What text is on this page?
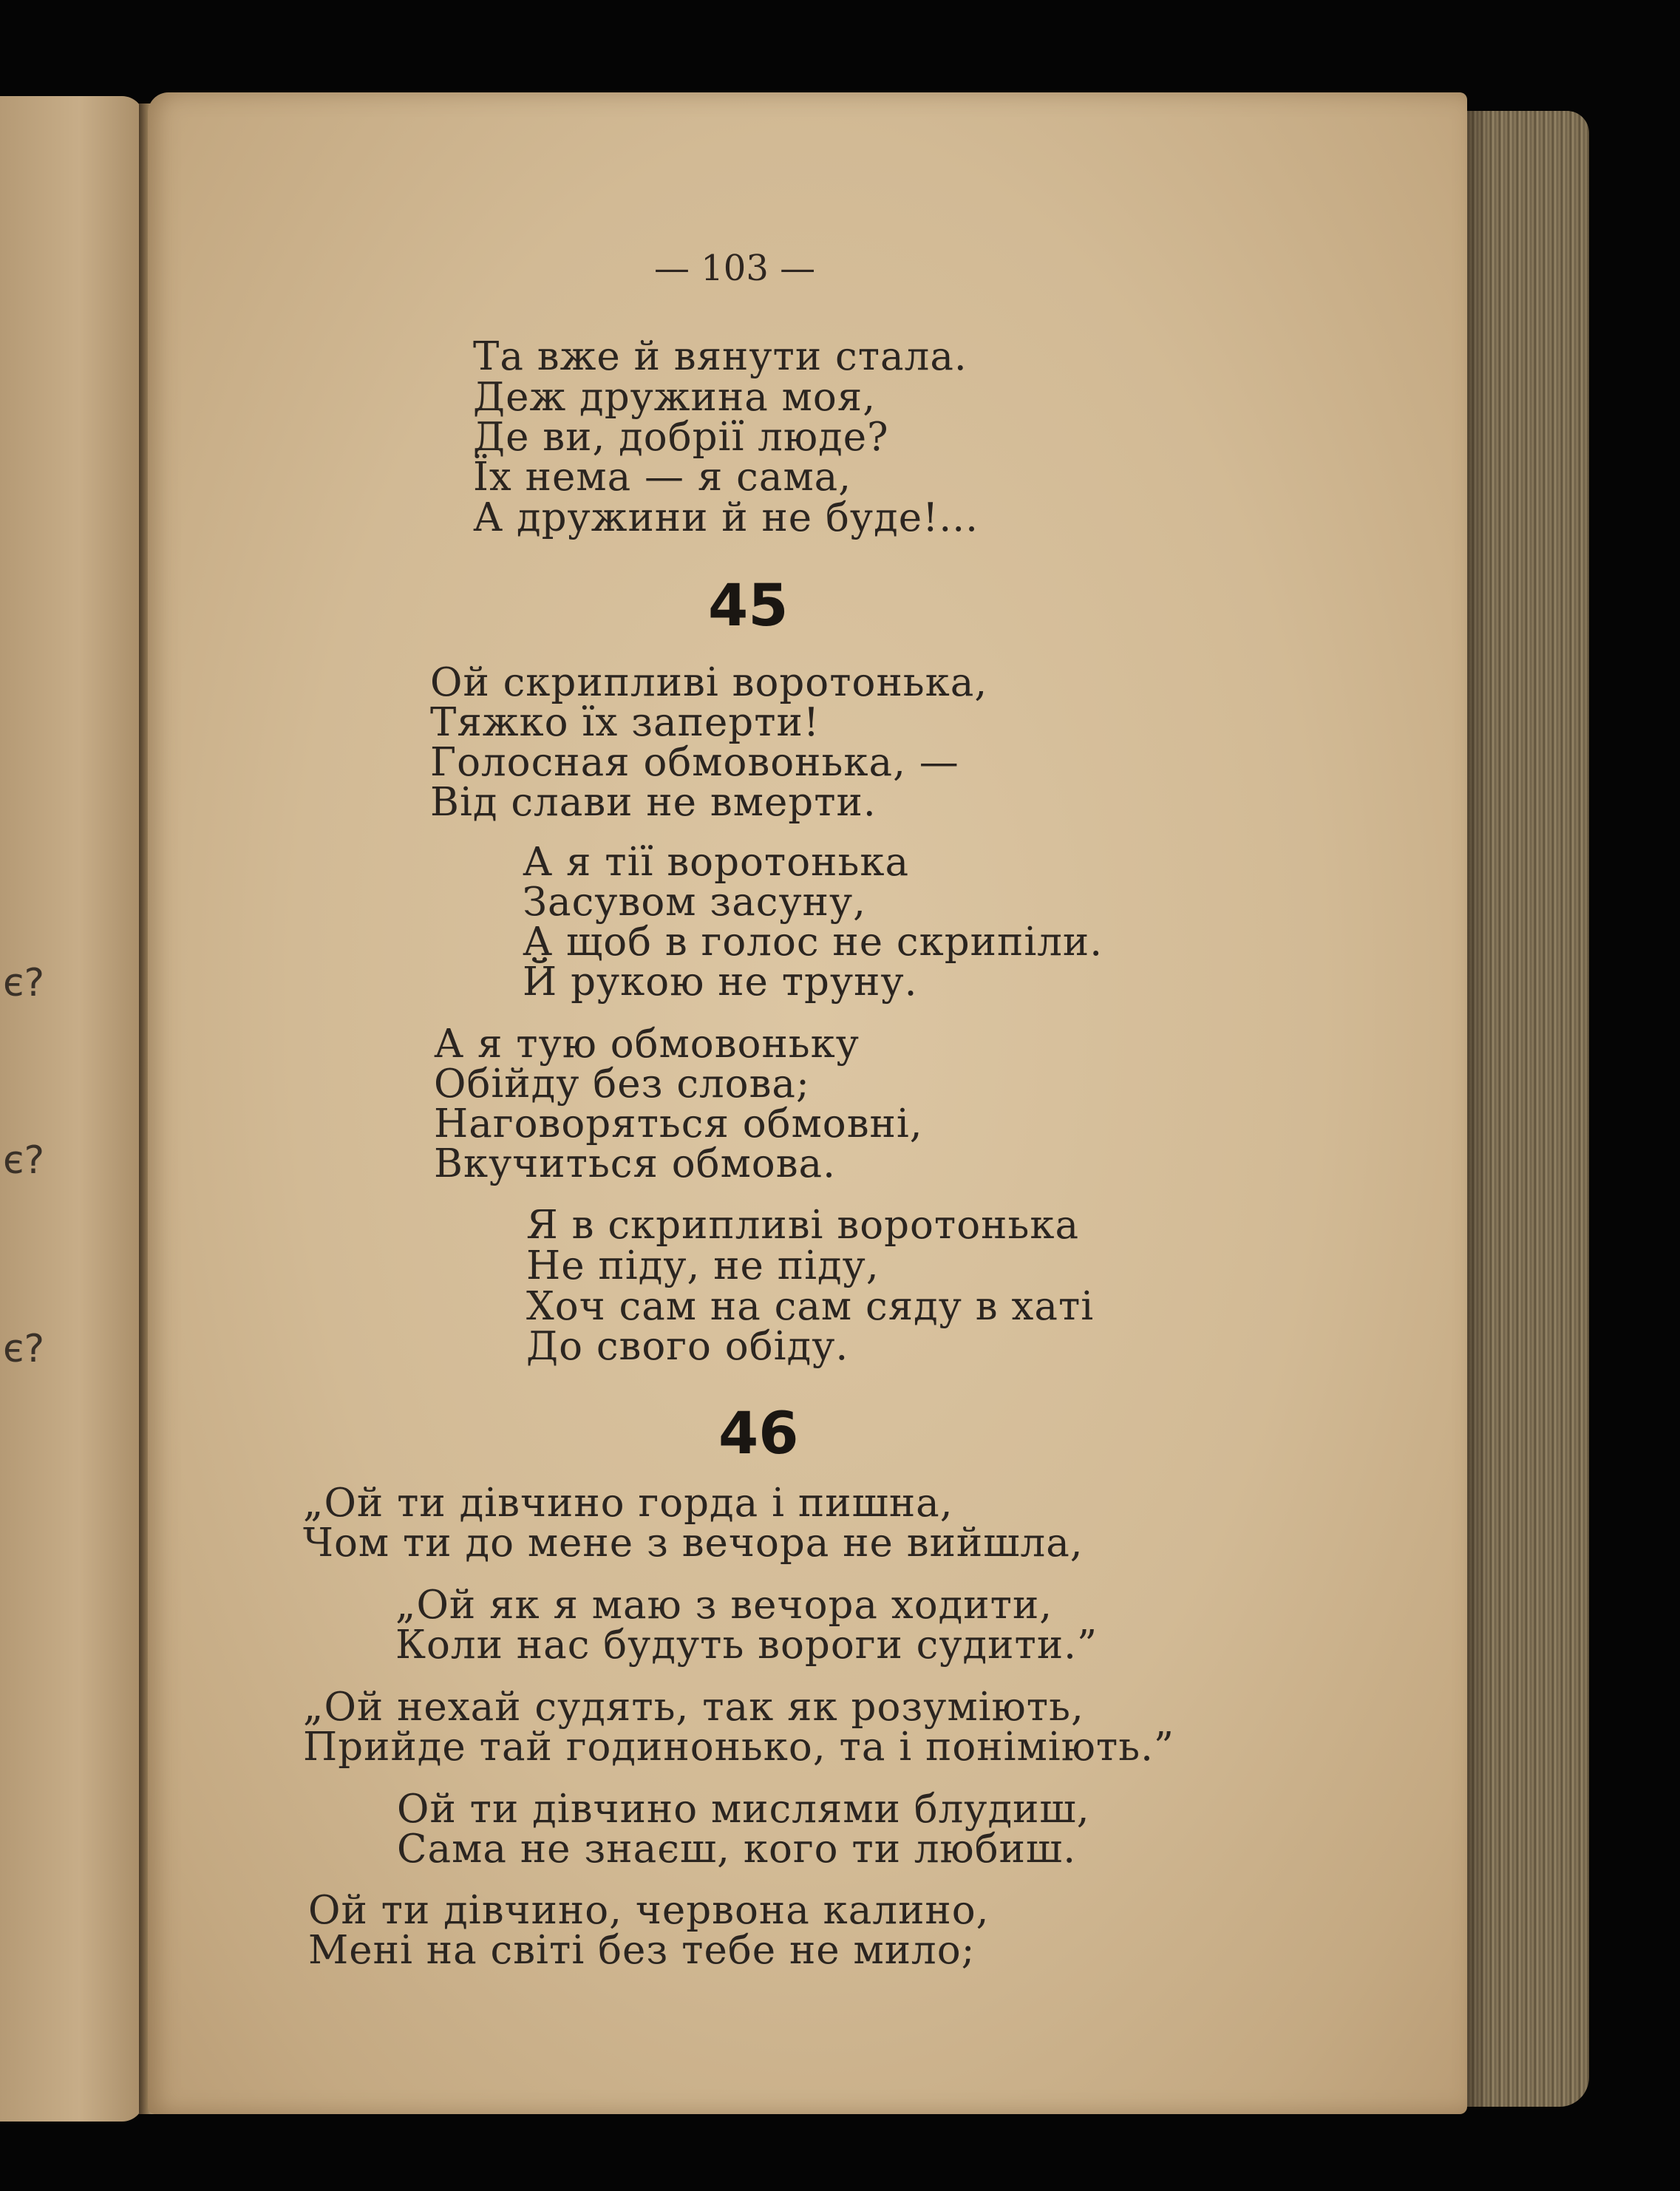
є?
є?
є?
— 103 —
Та вже й вянути стала.
Деж дружина моя,
Де ви, добрії люде?
Їх нема — я сама,
А дружини й не буде!...
45
Ой скрипливі воротонька,
Тяжко їх заперти!
Голосная обмовонька, —
Від слави не вмерти.
А я тії воротонька
Засувом засуну,
А щоб в голос не скрипіли.
Й рукою не труну.
А я тую обмовоньку
Обійду без слова;
Наговоряться обмовні,
Вкучиться обмова.
Я в скрипливі воротонька
Не піду, не піду,
Хоч сам на сам сяду в хаті
До свого обіду.
46
„Ой ти дівчино горда і пишна,
Чом ти до мене з вечора не вийшла,
„Ой як я маю з вечора ходити,
Коли нас будуть вороги судити.”
„Ой нехай судять, так як розуміють,
Прийде тай годинонько, та і поніміють.”
Ой ти дівчино мислями блудиш,
Сама не знаєш, кого ти любиш.
Ой ти дівчино, червона калино,
Мені на світі без тебе не мило;
